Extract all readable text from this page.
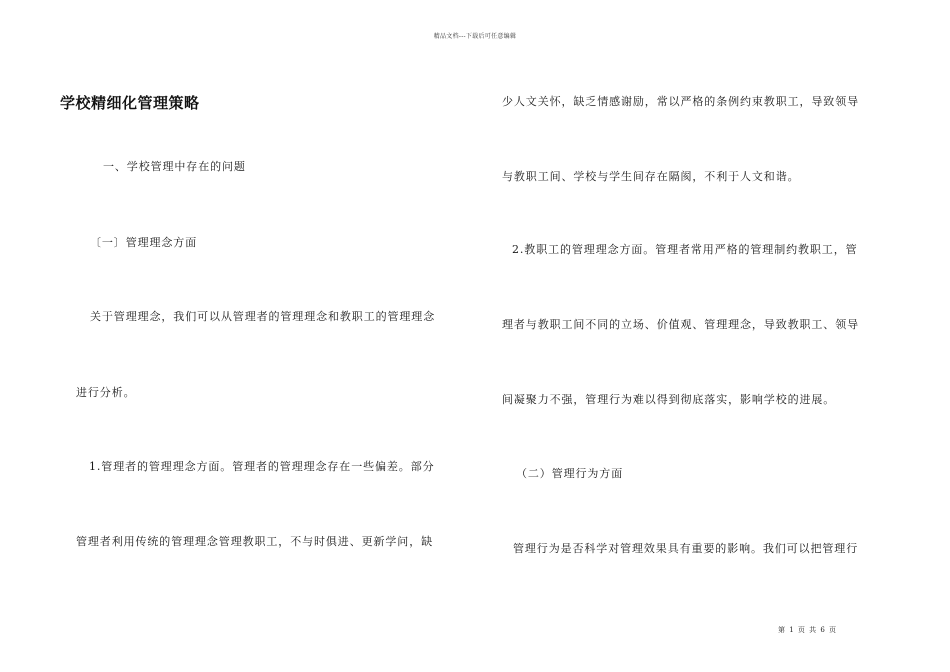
精品文档---下载后可任意编辑
学校精细化管理策略
一、学校管理中存在的问题
〔一〕管理理念方面
关于管理理念，我们可以从管理者的管理理念和教职工的管理理念
进行分析。
1.管理者的管理理念方面。管理者的管理理念存在一些偏差。部分
管理者利用传统的管理理念管理教职工，不与时俱进、更新学问，缺
少人文关怀，缺乏情感谢励，常以严格的条例约束教职工，导致领导
与教职工间、学校与学生间存在隔阂，不利于人文和谐。
2.教职工的管理理念方面。管理者常用严格的管理制约教职工，管
理者与教职工间不同的立场、价值观、管理理念，导致教职工、领导
间凝聚力不强，管理行为难以得到彻底落实，影响学校的进展。
（二）管理行为方面
管理行为是否科学对管理效果具有重要的影响。我们可以把管理行
第 1 页 共 6 页
